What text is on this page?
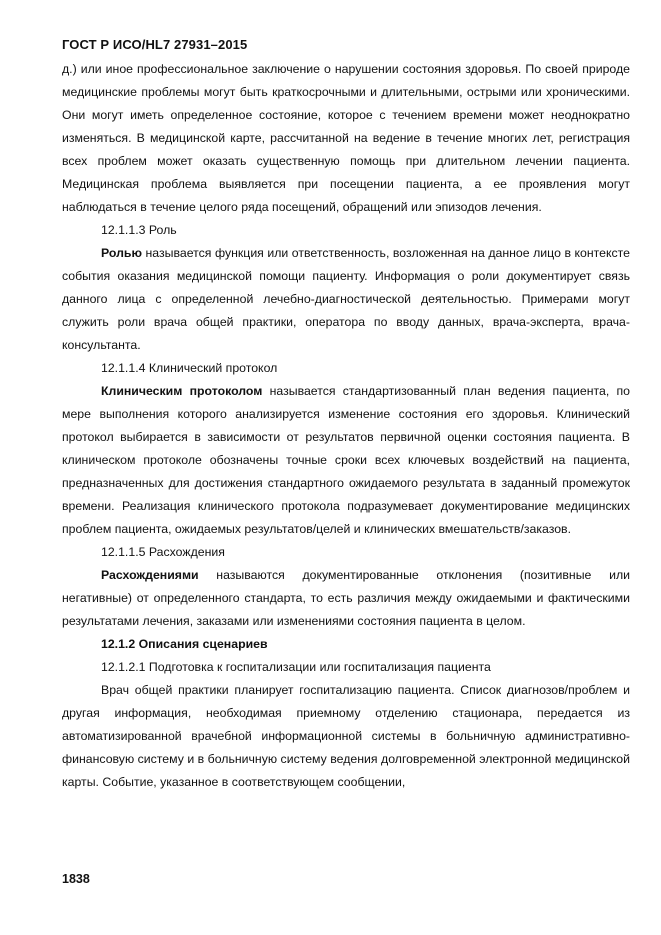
ГОСТ Р ИСО/HL7 27931–2015

д.) или иное профессиональное заключение о нарушении состояния здоровья. По своей природе медицинские проблемы могут быть краткосрочными и длительными, острыми или хроническими. Они могут иметь определенное состояние, которое с течением времени может неоднократно изменяться. В медицинской карте, рассчитанной на ведение в течение многих лет, регистрация всех проблем может оказать существенную помощь при длительном лечении пациента. Медицинская проблема выявляется при посещении пациента, а ее проявления могут наблюдаться в течение целого ряда посещений, обращений или эпизодов лечения.

12.1.1.3 Роль

Ролью называется функция или ответственность, возложенная на данное лицо в контексте события оказания медицинской помощи пациенту. Информация о роли документирует связь данного лица с определенной лечебно-диагностической деятельностью. Примерами могут служить роли врача общей практики, оператора по вводу данных, врача-эксперта, врача-консультанта.

12.1.1.4 Клинический протокол

Клиническим протоколом называется стандартизованный план ведения пациента, по мере выполнения которого анализируется изменение состояния его здоровья. Клинический протокол выбирается в зависимости от результатов первичной оценки состояния пациента. В клиническом протоколе обозначены точные сроки всех ключевых воздействий на пациента, предназначенных для достижения стандартного ожидаемого результата в заданный промежуток времени. Реализация клинического протокола подразумевает документирование медицинских проблем пациента, ожидаемых результатов/целей и клинических вмешательств/заказов.

12.1.1.5 Расхождения

Расхождениями называются документированные отклонения (позитивные или негативные) от определенного стандарта, то есть различия между ожидаемыми и фактическими результатами лечения, заказами или изменениями состояния пациента в целом.

12.1.2 Описания сценариев

12.1.2.1 Подготовка к госпитализации или госпитализация пациента

Врач общей практики планирует госпитализацию пациента. Список диагнозов/проблем и другая информация, необходимая приемному отделению стационара, передается из автоматизированной врачебной информационной системы в больничную административно-финансовую систему и в больничную систему ведения долговременной электронной медицинской карты. Событие, указанное в соответствующем сообщении,

1838
